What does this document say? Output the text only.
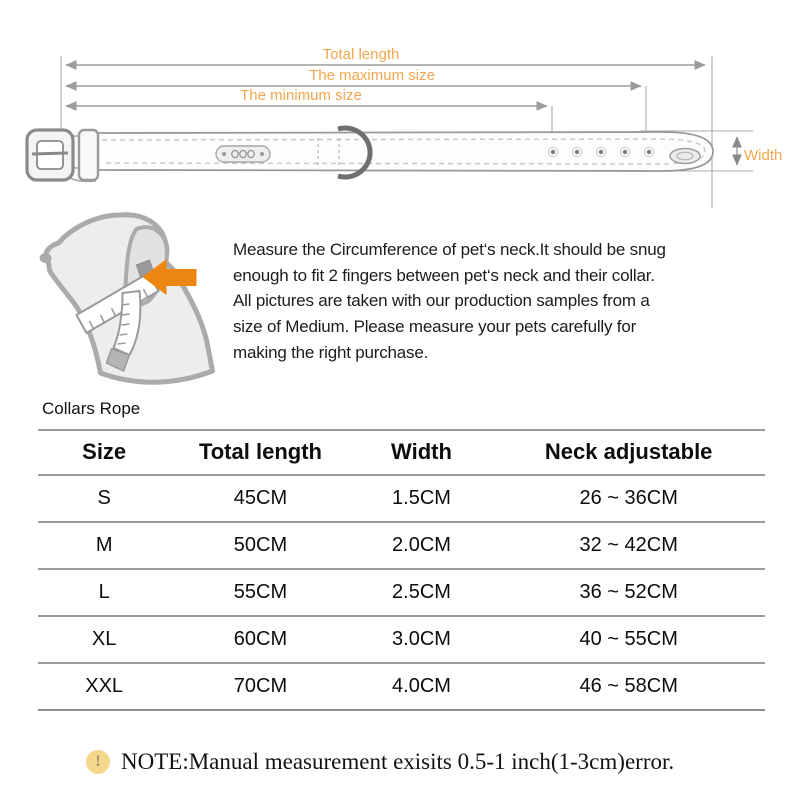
Total length
The maximum size
The minimum size
Width
Measure the Circumference of pet‘s neck.It should be snug
enough to fit 2 fingers between pet‘s neck and their collar.
All pictures are taken with our production samples from a
size of Medium. Please measure your pets carefully for
making the right purchase.
Collars Rope
Size	Total length	Width	Neck adjustable
S	45CM	1.5CM	26 ~ 36CM
M	50CM	2.0CM	32 ~ 42CM
L	55CM	2.5CM	36 ~ 52CM
XL	60CM	3.0CM	40 ~ 55CM
XXL	70CM	4.0CM	46 ~ 58CM
! NOTE:Manual measurement exisits 0.5-1 inch(1-3cm)error.
